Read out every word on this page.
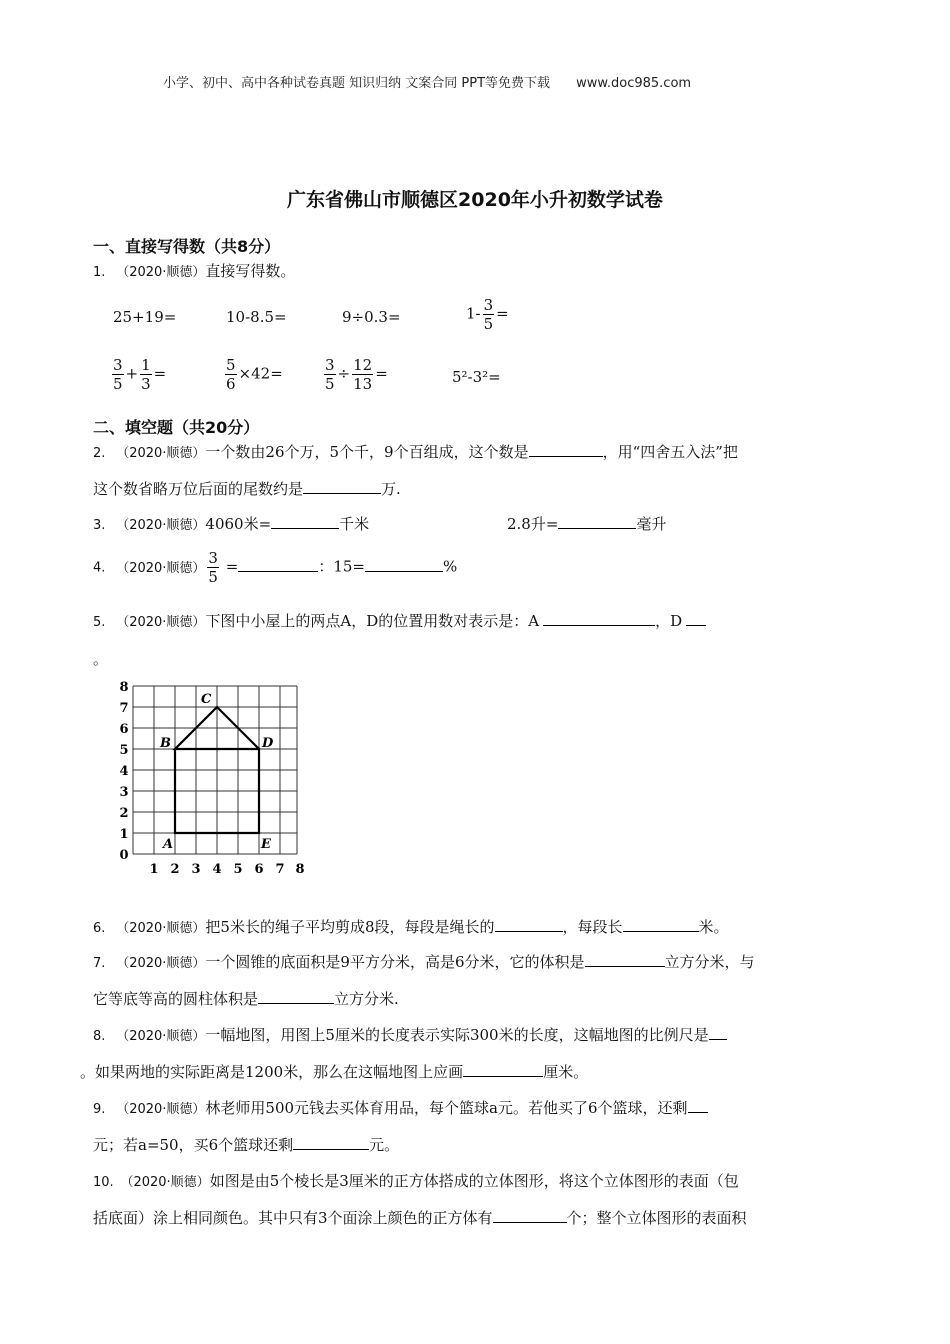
小学、初中、高中各种试卷真题 知识归纳 文案合同 PPT等免费下载 www.doc985.com
广东省佛山市顺德区2020年小升初数学试卷
一、直接写得数（共8分）
1. （2020·顺德）直接写得数。
25+19=	10-8.5=	9÷0.3=	$1- \frac{3}{5}$ =
$\frac{3}{5} + \frac{1}{3}$ =	$\frac{5}{6} \times 42=$	$\frac{3}{5} \div \frac{12}{13}$ =	5²-3²=
二、填空题（共20分）
2. （2020·顺德）一个数由26个万，5个千，9个百组成，这个数是	，用“四舍五入法”把
这个数省略万位后面的尾数约是	万.
3. （2020·顺德）4060米=	千米	2.8升=	毫升
4. （2020·顺德） $\frac{3}{5}$ =	：15=	%
5. （2020·顺德）下图中小屋上的两点A，D的位置用数对表示是：A	，D
。
0
1
2
3
4
5
6
7
8
1 2 3 4 5 6 7 8
A
B
C
D
E
6. （2020·顺德）把5米长的绳子平均剪成8段，每段是绳长的	，每段长	米。
7. （2020·顺德）一个圆锥的底面积是9平方分米，高是6分米，它的体积是	立方分米，与
它等底等高的圆柱体积是	立方分米.
8. （2020·顺德）一幅地图，用图上5厘米的长度表示实际300米的长度，这幅地图的比例尺是
。如果两地的实际距离是1200米，那么在这幅地图上应画	厘米。
9. （2020·顺德）林老师用500元钱去买体育用品，每个篮球a元。若他买了6个篮球，还剩
元；若a=50，买6个篮球还剩	元。
10. （2020·顺德）如图是由5个棱长是3厘米的正方体搭成的立体图形，将这个立体图形的表面（包
括底面）涂上相同颜色。其中只有3个面涂上颜色的正方体有	个；整个立体图形的表面积
